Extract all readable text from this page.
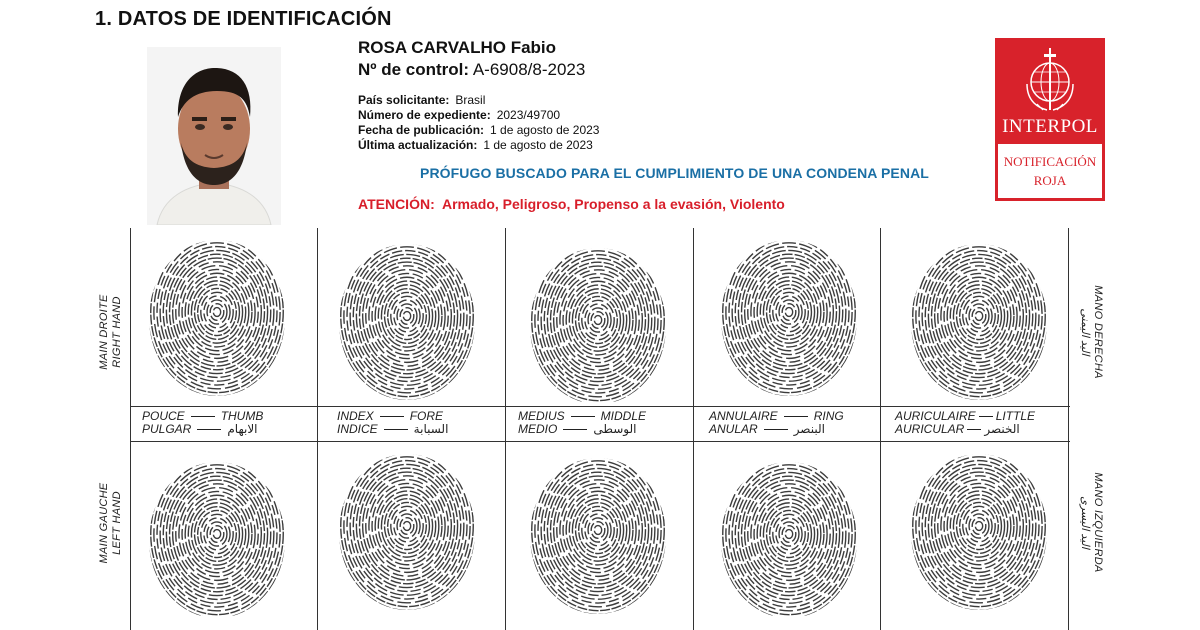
1. DATOS DE IDENTIFICACIÓN
ROSA CARVALHO Fabio
Nº de control: A-6908/8-2023
País solicitante: Brasil
Número de expediente: 2023/49700
Fecha de publicación: 1 de agosto de 2023
Última actualización: 1 de agosto de 2023
PRÓFUGO BUSCADO PARA EL CUMPLIMIENTO DE UNA CONDENA PENAL
ATENCIÓN: Armado, Peligroso, Propenso a la evasión, Violento
INTERPOL
NOTIFICACIÓN
ROJA
MAIN DROITE RIGHT HAND
MAIN GAUCHE LEFT HAND
MANO DERECHA
اليد اليمنى
MANO IZQUIERDA
اليد اليسرى
POUCE	THUMB
PULGAR	الابهام
INDEX	FORE
INDICE	السبابة
MEDIUS	MIDDLE
MEDIO	الوسطى
ANNULAIRE	RING
ANULAR	البنصر
AURICULAIRE LITTLE
AURICULAR الخنصر
